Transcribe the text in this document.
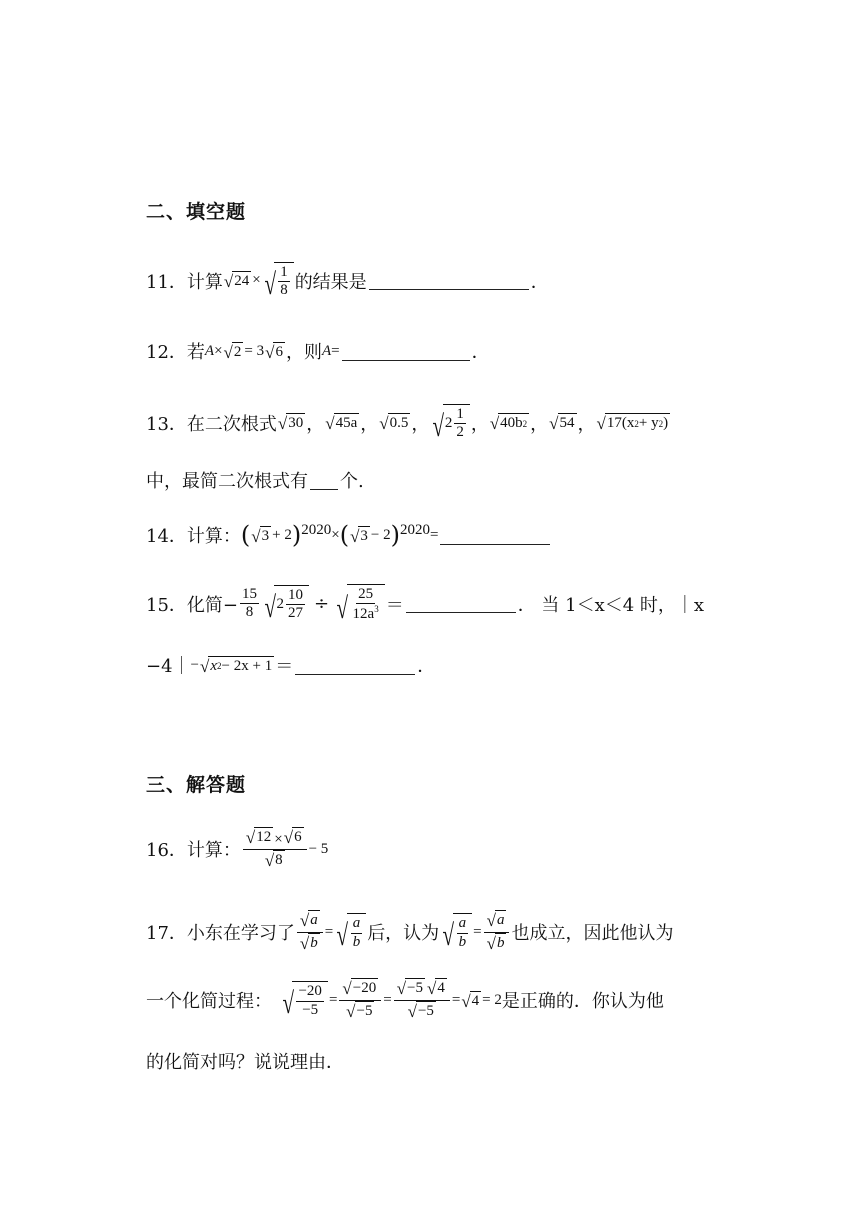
二、填空题
11． 计算 √ 24 × √ $\frac{1}{8}$ 的结果是	．
12． 若 A × √ 2 = 3 √ 6 ，则 A =	．
13． 在二次根式 √ 30 ， √ 45a ， √ 0.5 ， √ $2 \frac{1}{2}$ ， √ 40b 2 ， √ 54 ， √ 17(x 2 + y 2 )
中，最简二次根式有 个.
14． 计算： ( √ 3 + 2 )$^{2020}$ × ( √ 3 − 2 )$^{2020}$ =
15． 化简− $\frac{15}{8}$ √ $2 \frac{10}{27}$ ÷ √ $\frac{25}{12a^3}$ ＝	． 当 1＜x＜4 时，｜x
−4｜ − √ x 2 − 2x + 1 ＝	．
三、解答题
16． 计算： $\frac{√ 12 \times √ 6}{√ 8} - 5$
17． 小东在学习了 $\frac{√ a}{√ b}$ = √ $\frac{a}{b}$ 后，认为 √ $\frac{a}{b} = \frac{√ a}{√ b}$ 也成立，因此他认为
一个化简过程： √ $\frac{-20}{-5} = \frac{√ -20}{√ -5} = \frac{√ -5 √ 4}{√ -5}$ = √ 4 = 2 是正确的．你认为他
的化简对吗？说说理由．
